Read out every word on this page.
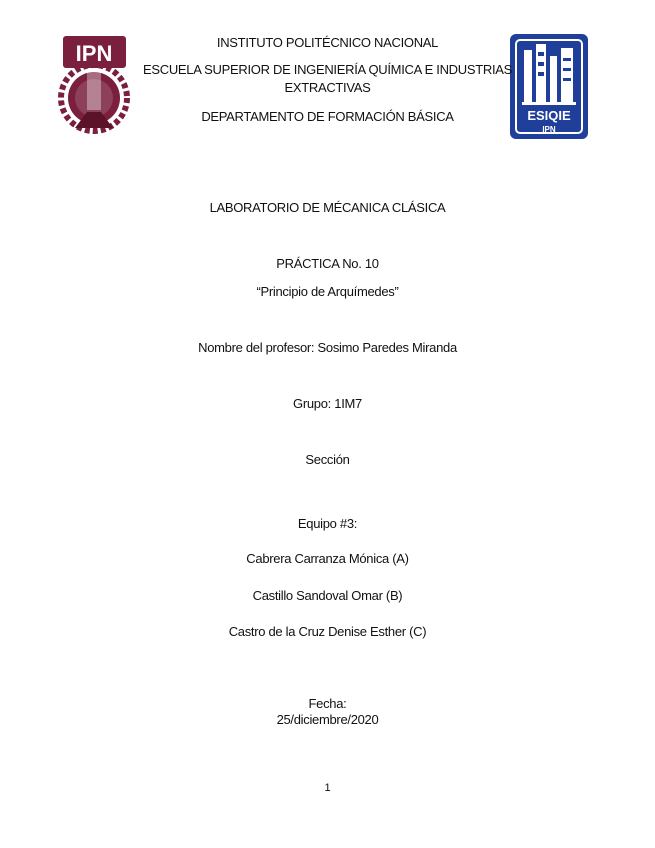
IPN
ESIQIE
IPN
INSTITUTO POLITÉCNICO NACIONAL
ESCUELA SUPERIOR DE INGENIERÍA QUÍMICA E INDUSTRIAS
EXTRACTIVAS
DEPARTAMENTO DE FORMACIÓN BÁSICA
LABORATORIO DE MÉCANICA CLÁSICA
PRÁCTICA No. 10
“Principio de Arquímedes”
Nombre del profesor: Sosimo Paredes Miranda
Grupo: 1IM7
Sección
Equipo #3:
Cabrera Carranza Mónica (A)
Castillo Sandoval Omar (B)
Castro de la Cruz Denise Esther (C)
Fecha:
25/diciembre/2020
1
